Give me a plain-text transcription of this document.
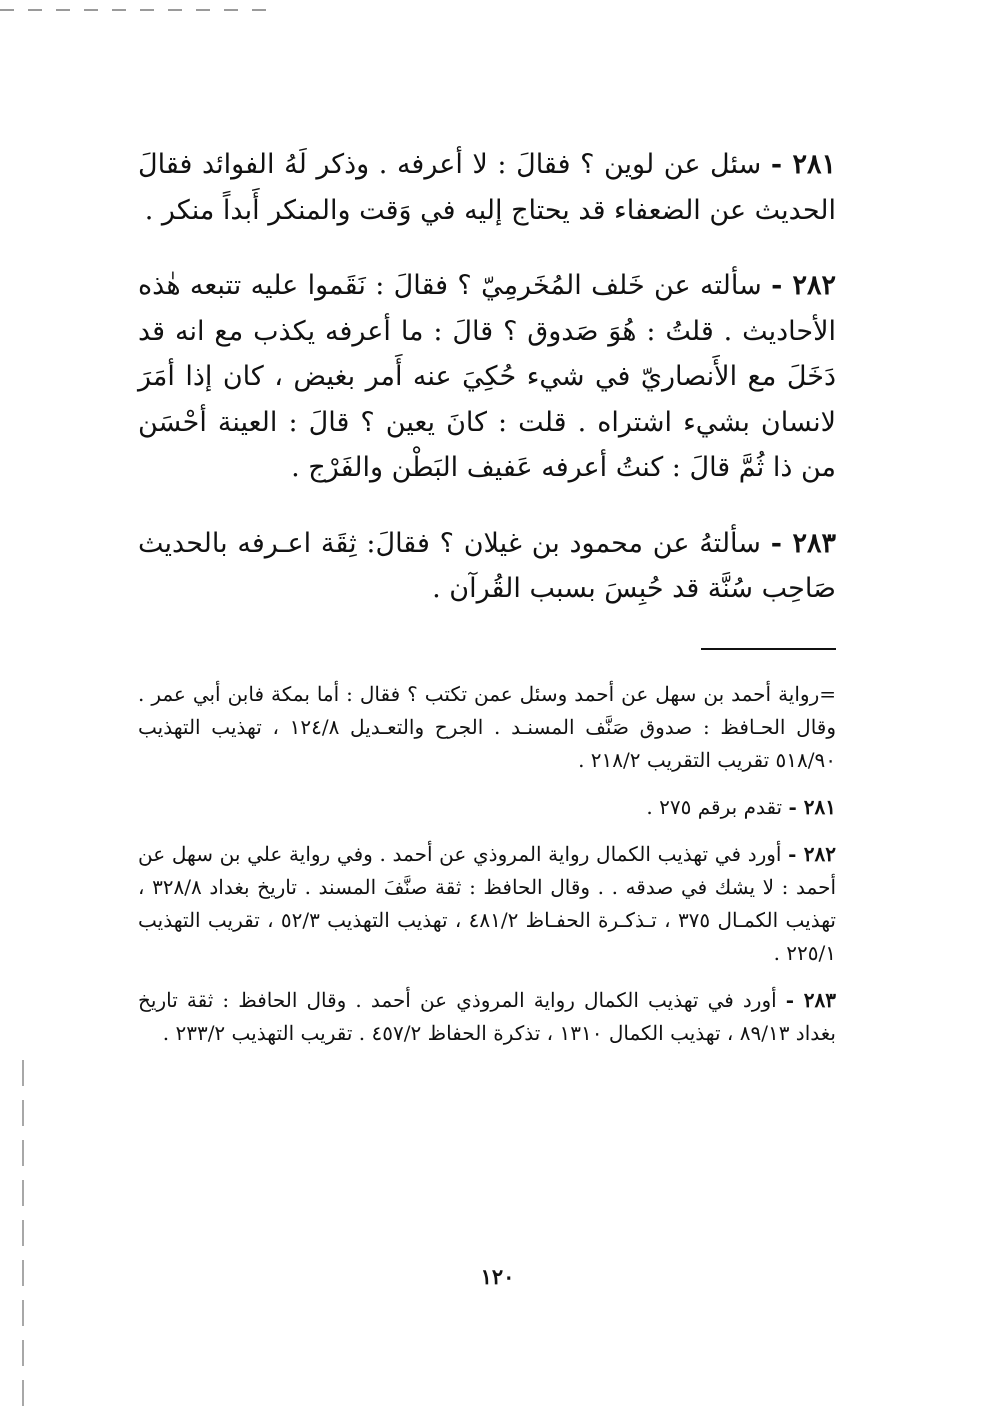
٢٨١ - سئل عن لوين ؟ فقالَ : لا أعرفه . وذكر لَهُ الفوائد فقالَ الحديث عن الضعفاء قد يحتاج إليه في وَقت والمنكر أَبداً منكر .

٢٨٢ - سألته عن خَلف المُخَرمِيّ ؟ فقالَ : نَقَموا عليه تتبعه هٰذه الأحاديث . قلتُ : هُوَ صَدوق ؟ قالَ : ما أعرفه يكذب مع انه قد دَخَلَ مع الأَنصاريّ في شيء حُكِيَ عنه أَمر بغيض ، كان إذا أمَرَ لانسان بشيء اشتراه . قلت : كانَ يعين ؟ قالَ : العينة أحْسَن من ذا ثُمَّ قالَ : كنتُ أعرفه عَفيف البَطْن والفَرْج .

٢٨٣ - سألتهُ عن محمود بن غيلان ؟ فقالَ: ثِقَة اعـرفه بالحديث صَاحِب سُنَّة قد حُبِسَ بسبب القُرآن .

=رواية أحمد بن سهل عن أحمد وسئل عمن تكتب ؟ فقال : أما بمكة فابن أبي عمر . وقال الحـافظ : صدوق صَنَّف المسنـد . الجرح والتعـديل ١٢٤/٨ ، تهذيب التهذيب ٥١٨/٩٠ تقريب التقريب ٢١٨/٢ .

٢٨١ - تقدم برقم ٢٧٥ .

٢٨٢ - أورد في تهذيب الكمال رواية المروذي عن أحمد . وفي رواية علي بن سهل عن أحمد : لا يشك في صدقه . . وقال الحافظ : ثقة صنَّفَ المسند . تاريخ بغداد ٣٢٨/٨ ، تهذيب الكمـال ٣٧٥ ، تـذكـرة الحفـاظ ٤٨١/٢ ، تهذيب التهذيب ٥٢/٣ ، تقريب التهذيب ٢٢٥/١ .

٢٨٣ - أورد في تهذيب الكمال رواية المروذي عن أحمد . وقال الحافظ : ثقة تاريخ بغداد ٨٩/١٣ ، تهذيب الكمال ١٣١٠ ، تذكرة الحفاظ ٤٥٧/٢ . تقريب التهذيب ٢٣٣/٢ .

١٢٠
